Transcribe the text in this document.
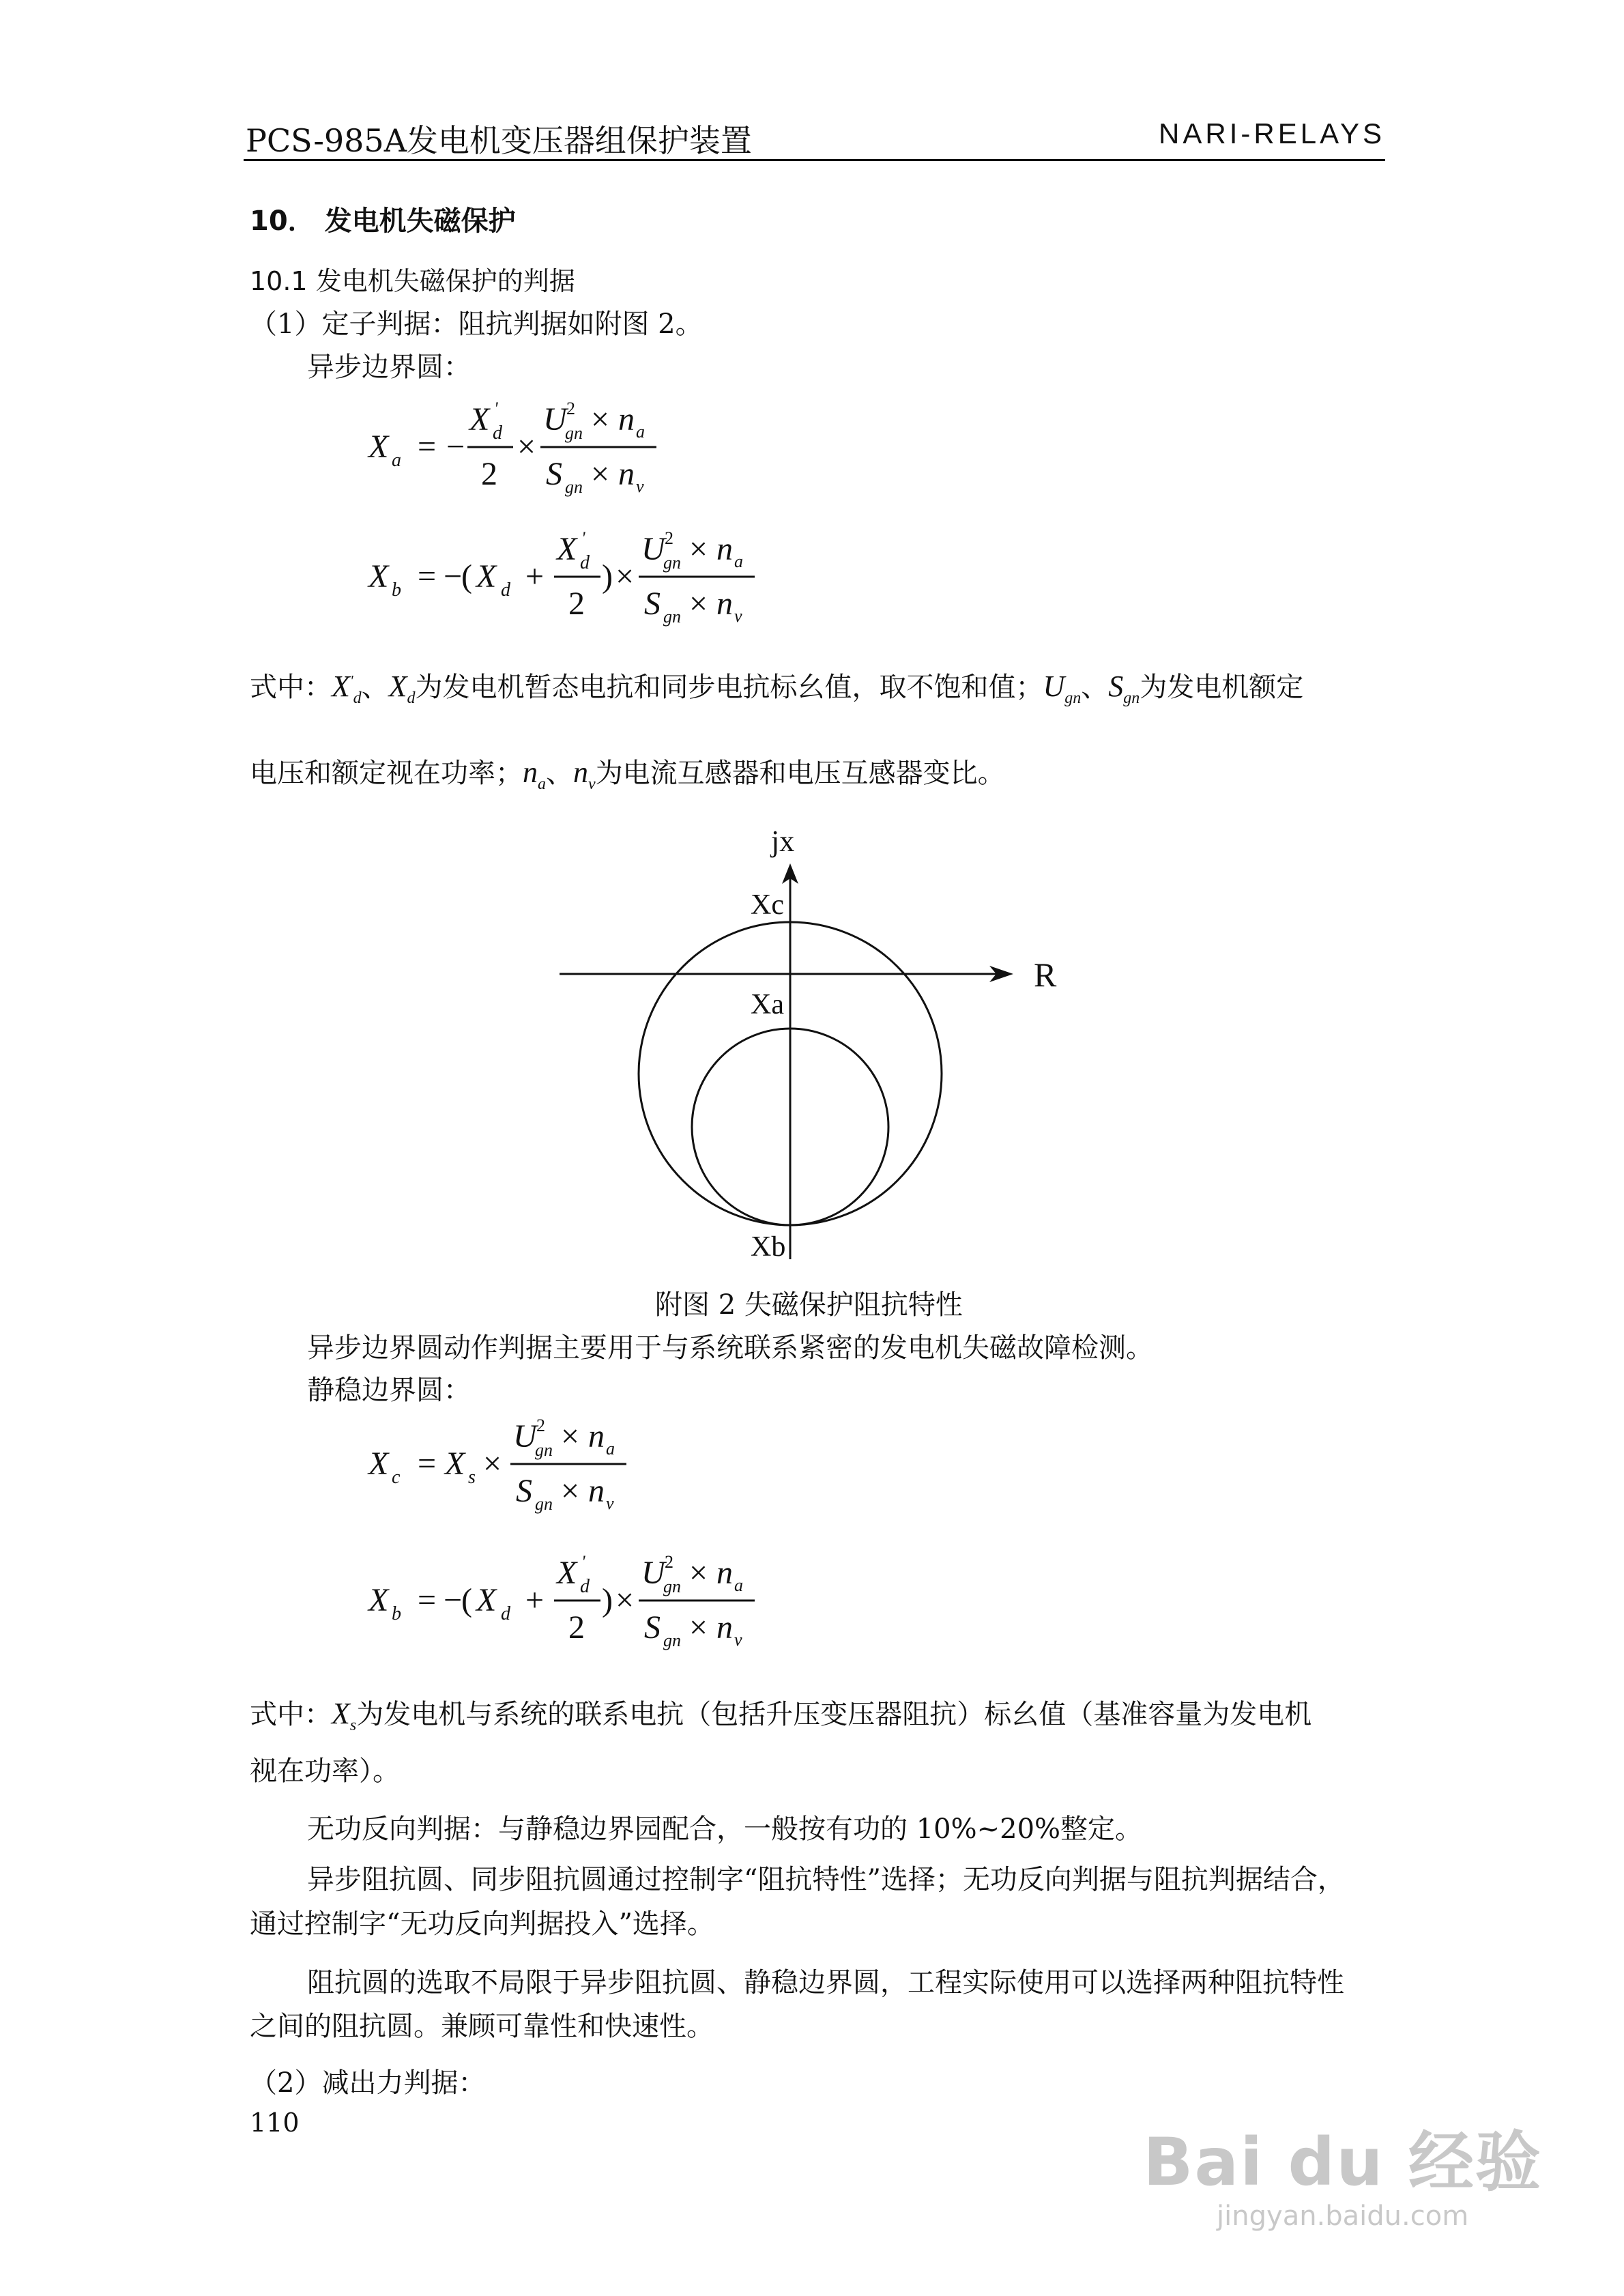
PCS-985A发电机变压器组保护装置	NARI-RELAYS
10． 发电机失磁保护
10.1 发电机失磁保护的判据
（1）定子判据：阻抗判据如附图 2。
异步边界圆：
X a = −
X '
d
2
×
U 2
gn × n a
S gn × n v
X b = −
( X d +
X '
d
2
) ×
U 2
gn × n a
S gn × n v
式中：$X'_d$、$X_d$为发电机暂态电抗和同步电抗标幺值，取不饱和值；$U_{gn}$、$S_{gn}$为发电机额定
电压和额定视在功率；$n_a$、$n_v$为电流互感器和电压互感器变比。
jx
R
Xc
Xa
Xb
附图 2 失磁保护阻抗特性
异步边界圆动作判据主要用于与系统联系紧密的发电机失磁故障检测。
静稳边界圆：
X c = X s ×
U 2
gn × n a
S gn × n v
X b = −
( X d +
X '
d
2
) ×
U 2
gn × n a
S gn × n v
式中：$X_s$为发电机与系统的联系电抗（包括升压变压器阻抗）标幺值（基准容量为发电机
视在功率）。
无功反向判据：与静稳边界园配合，一般按有功的 10%~20%整定。
异步阻抗圆、同步阻抗圆通过控制字“阻抗特性”选择；无功反向判据与阻抗判据结合，
通过控制字“无功反向判据投入”选择。
阻抗圆的选取不局限于异步阻抗圆、静稳边界圆，工程实际使用可以选择两种阻抗特性
之间的阻抗圆。兼顾可靠性和快速性。
（2）减出力判据：
110
Bai du 经验
jingyan.baidu.com
